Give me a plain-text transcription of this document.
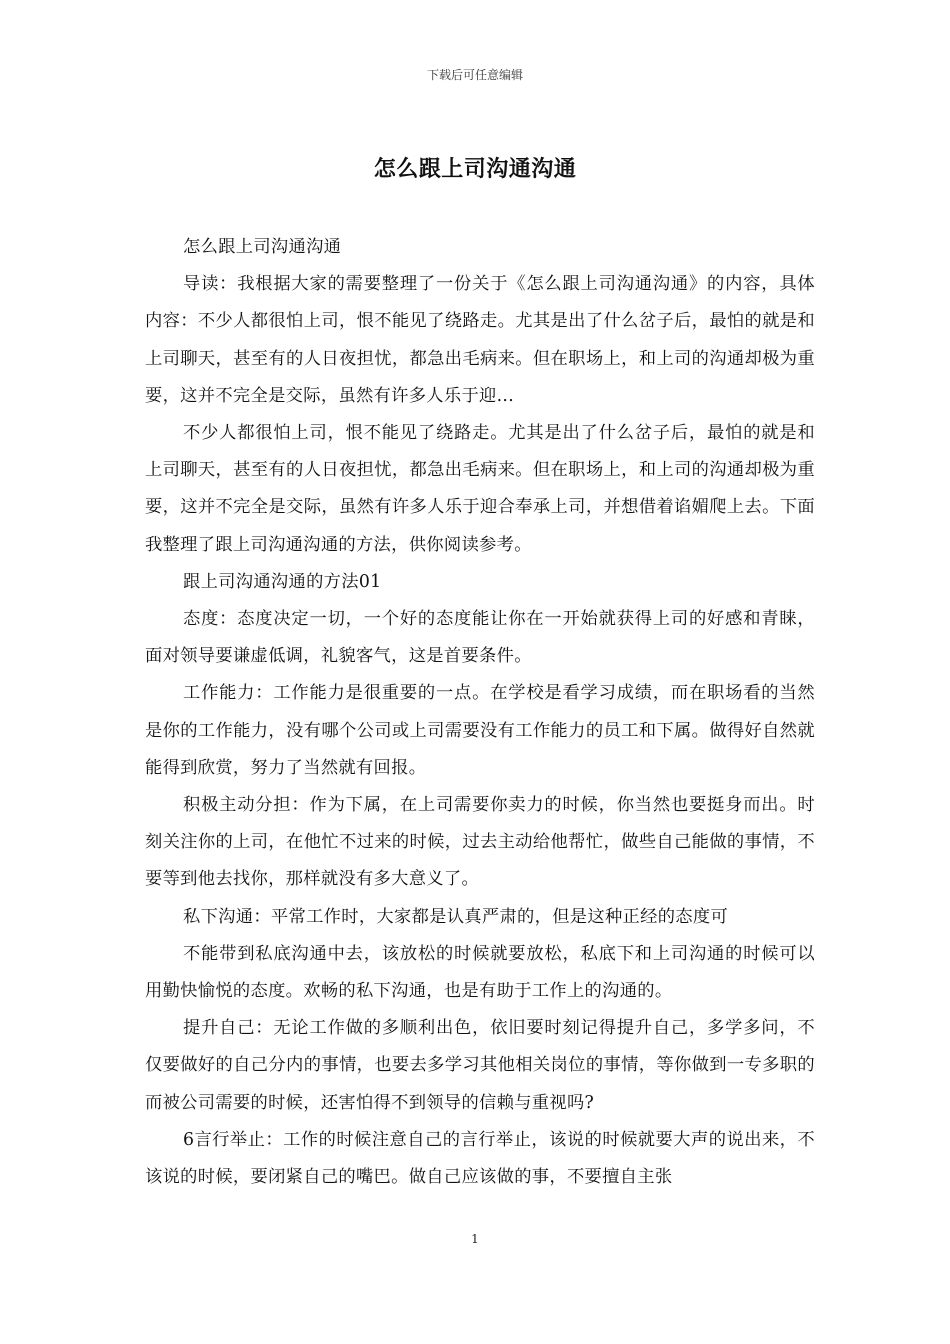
下载后可任意编辑
怎么跟上司沟通沟通

怎么跟上司沟通沟通

导读：我根据大家的需要整理了一份关于《怎么跟上司沟通沟通》的内容，具体内容：不少人都很怕上司，恨不能见了绕路走。尤其是出了什么岔子后，最怕的就是和上司聊天，甚至有的人日夜担忧，都急出毛病来。但在职场上，和上司的沟通却极为重要，这并不完全是交际，虽然有许多人乐于迎...

不少人都很怕上司，恨不能见了绕路走。尤其是出了什么岔子后，最怕的就是和上司聊天，甚至有的人日夜担忧，都急出毛病来。但在职场上，和上司的沟通却极为重要，这并不完全是交际，虽然有许多人乐于迎合奉承上司，并想借着谄媚爬上去。下面我整理了跟上司沟通沟通的方法，供你阅读参考。

跟上司沟通沟通的方法01

态度：态度决定一切，一个好的态度能让你在一开始就获得上司的好感和青睐，面对领导要谦虚低调，礼貌客气，这是首要条件。

工作能力：工作能力是很重要的一点。在学校是看学习成绩，而在职场看的当然是你的工作能力，没有哪个公司或上司需要没有工作能力的员工和下属。做得好自然就能得到欣赏，努力了当然就有回报。

积极主动分担：作为下属，在上司需要你卖力的时候，你当然也要挺身而出。时刻关注你的上司，在他忙不过来的时候，过去主动给他帮忙，做些自己能做的事情，不要等到他去找你，那样就没有多大意义了。

私下沟通：平常工作时，大家都是认真严肃的，但是这种正经的态度可

不能带到私底沟通中去，该放松的时候就要放松，私底下和上司沟通的时候可以用勤快愉悦的态度。欢畅的私下沟通，也是有助于工作上的沟通的。

提升自己：无论工作做的多顺利出色，依旧要时刻记得提升自己，多学多问，不仅要做好的自己分内的事情，也要去多学习其他相关岗位的事情，等你做到一专多职的而被公司需要的时候，还害怕得不到领导的信赖与重视吗?

6言行举止：工作的时候注意自己的言行举止，该说的时候就要大声的说出来，不该说的时候，要闭紧自己的嘴巴。做自己应该做的事，不要擅自主张

1
